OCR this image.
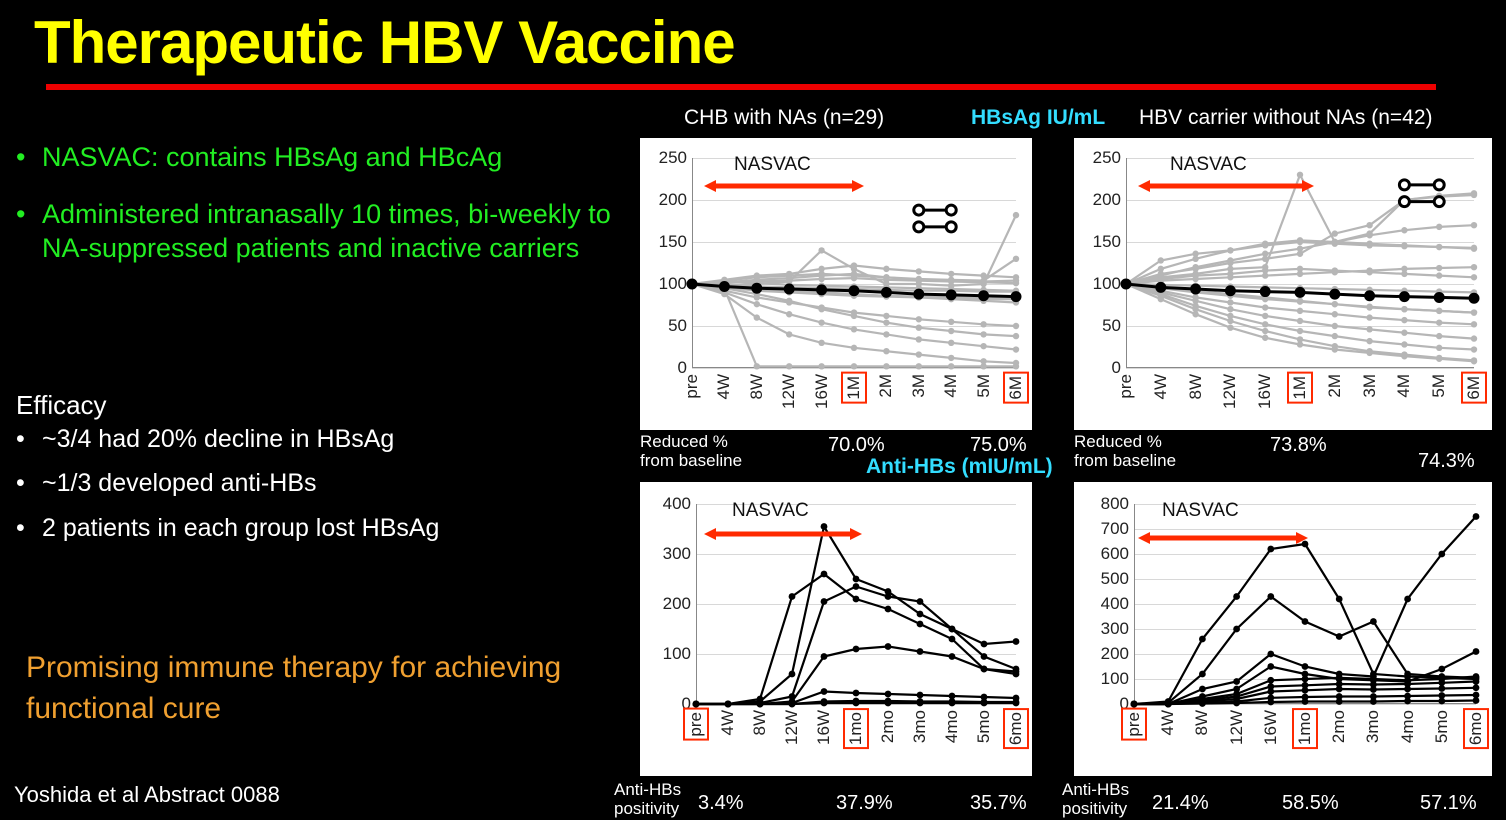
Therapeutic HBV Vaccine
• NASVAC: contains HBsAg and HBcAg
• Administered intranasally 10 times, bi-weekly to NA-suppressed patients and inactive carriers
Efficacy
• ~3/4 had 20% decline in HBsAg
• ~1/3 developed anti-HBs
• 2 patients in each group lost HBsAg
Promising immune therapy for achieving functional cure
Yoshida et al Abstract 0088
CHB with NAs (n=29)	HBsAg IU/mL HBV carrier without NAs (n=42)
Anti-HBs (mIU/mL)
0
50
100
150
200
250
pre 4W 8W 12W 16W 1M 2M 3M 4M 5M 6M
NASVAC
0
50
100
150
200
250
pre 4W 8W 12W 16W 1M 2M 3M 4M 5M 6M
NASVAC
0
100
200
300
400
pre 4W 8W 12W 16W 1mo 2mo 3mo 4mo 5mo 6mo
NASVAC
0
100
200
300
400
500
600
700
800
pre 4W 8W 12W 16W 1mo 2mo 3mo 4mo 5mo 6mo
NASVAC
Reduced %
from baseline
70.0%	75.0%	Reduced %
from baseline
73.8%
74.3%
Anti-HBs
positivity 3.4%	37.9%	35.7%
Anti-HBs
positivity 21.4%	58.5%	57.1%
